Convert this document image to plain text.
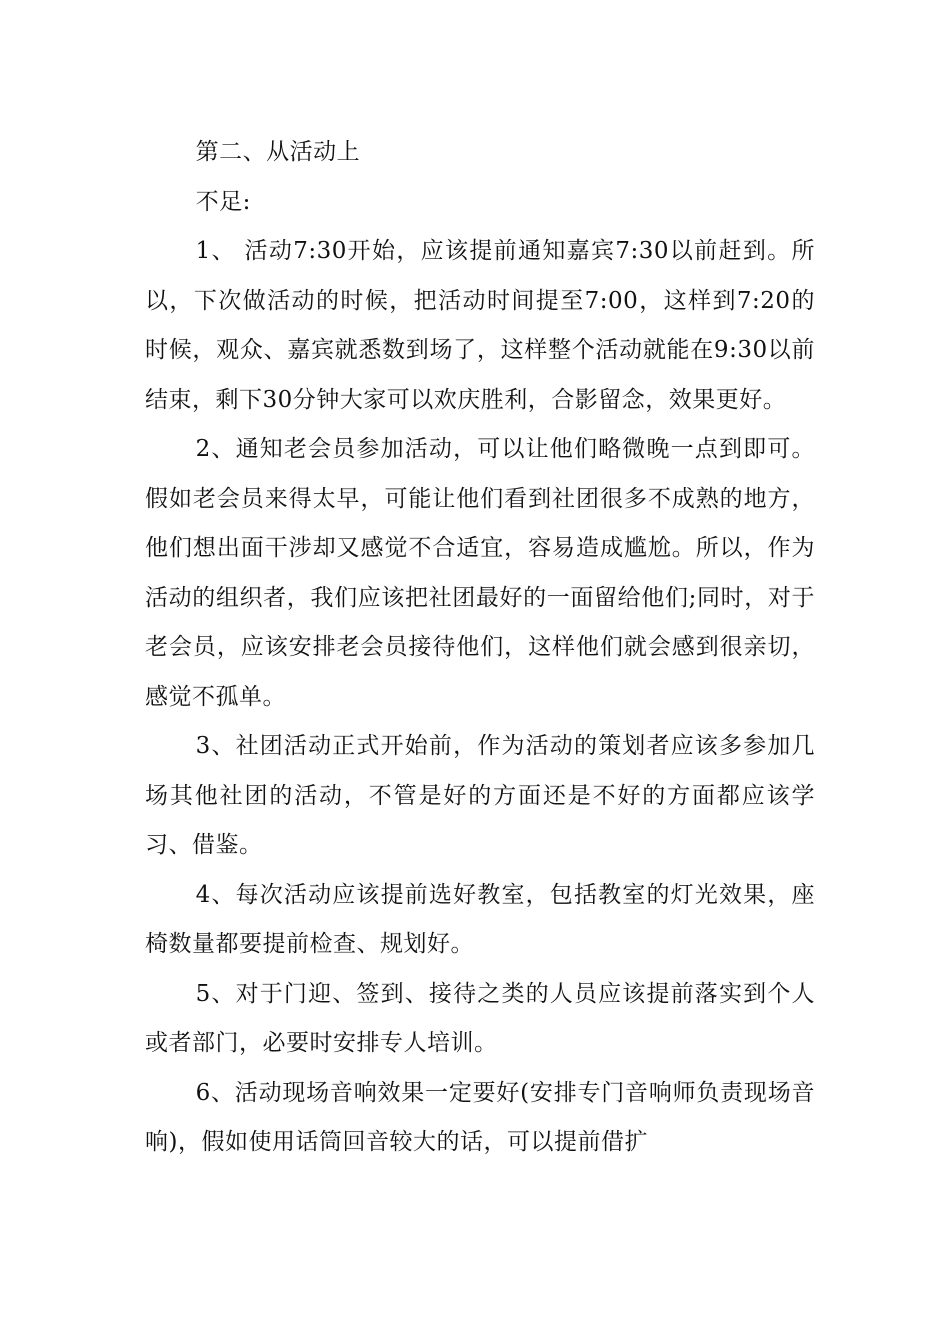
第二、从活动上

不足:

1、 活动7:30开始，应该提前通知嘉宾7:30以前赶到。所以，下次做活动的时候，把活动时间提至7:00，这样到7:20的时候，观众、嘉宾就悉数到场了，这样整个活动就能在9:30以前结束，剩下30分钟大家可以欢庆胜利，合影留念，效果更好。

2、通知老会员参加活动，可以让他们略微晚一点到即可。假如老会员来得太早，可能让他们看到社团很多不成熟的地方，他们想出面干涉却又感觉不合适宜，容易造成尴尬。所以，作为活动的组织者，我们应该把社团最好的一面留给他们;同时，对于老会员，应该安排老会员接待他们，这样他们就会感到很亲切，感觉不孤单。

3、社团活动正式开始前，作为活动的策划者应该多参加几场其他社团的活动，不管是好的方面还是不好的方面都应该学习、借鉴。

4、每次活动应该提前选好教室，包括教室的灯光效果，座椅数量都要提前检查、规划好。

5、对于门迎、签到、接待之类的人员应该提前落实到个人或者部门，必要时安排专人培训。

6、活动现场音响效果一定要好(安排专门音响师负责现场音响)，假如使用话筒回音较大的话，可以提前借扩
